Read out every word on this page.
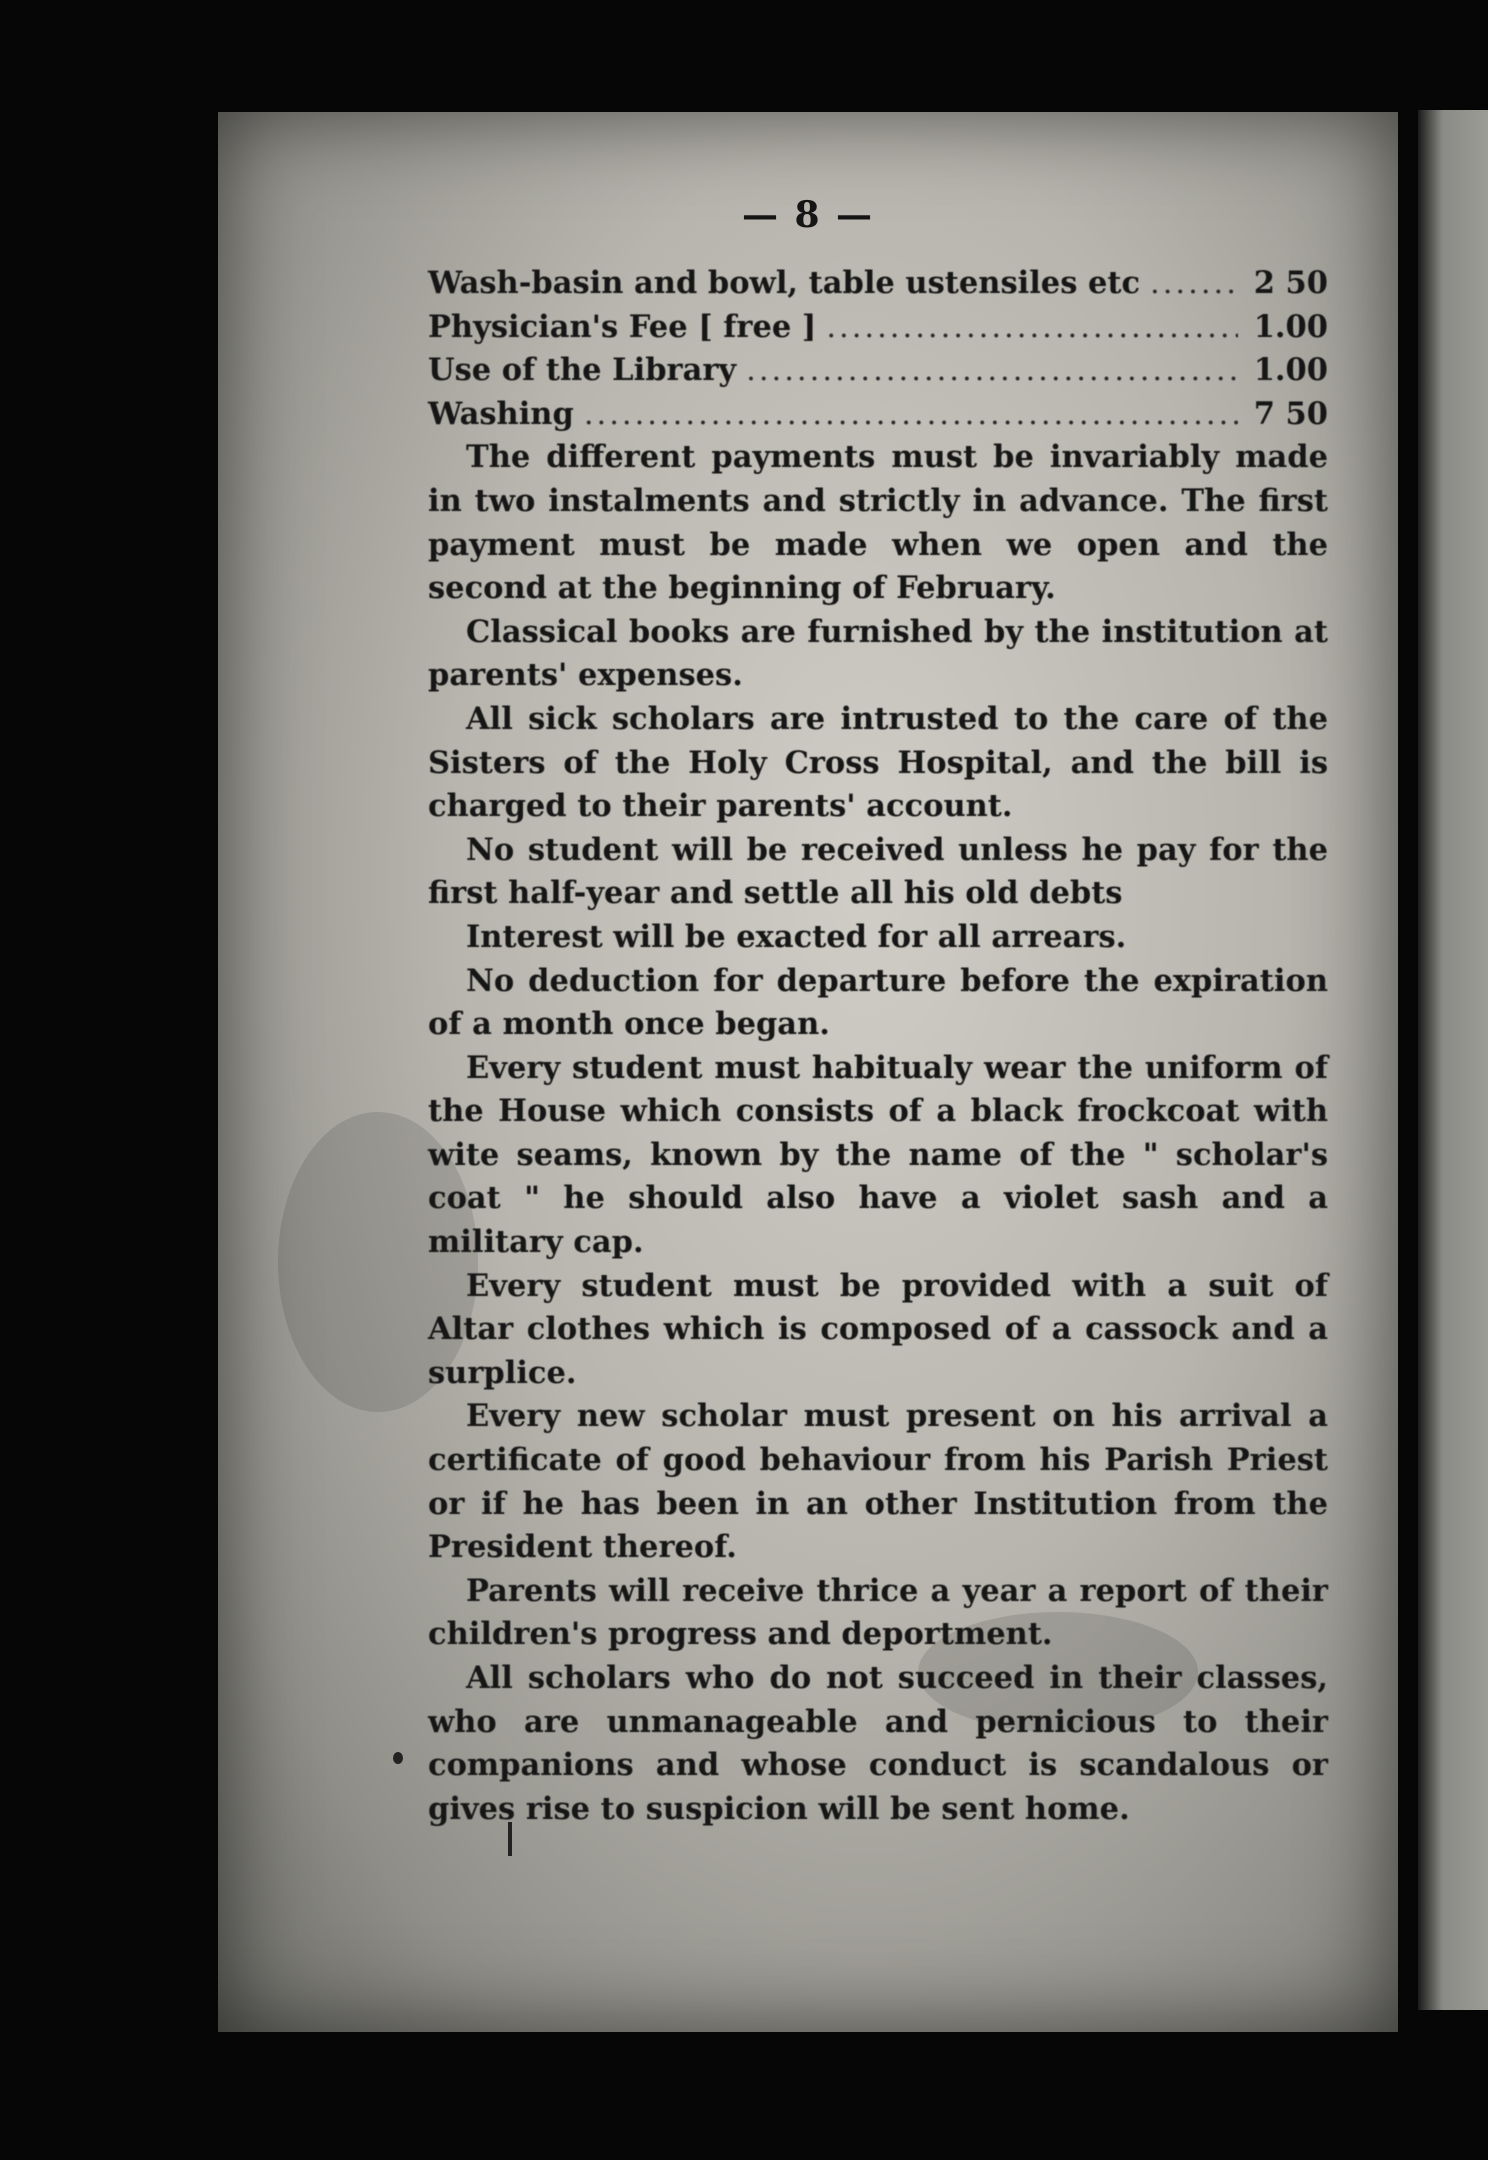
— 8 —
Wash-basin and bowl, table ustensiles etc .....	2 50
Physician's Fee [ free ] .....	1.00
Use of the Library .....	1.00
Washing .....	7 50

The different payments must be invariably made in two instalments and strictly in advance. The first payment must be made when we open and the second at the beginning of February.

Classical books are furnished by the institution at parents' expenses.

All sick scholars are intrusted to the care of the Sisters of the Holy Cross Hospital, and the bill is charged to their parents' account.

No student will be received unless he pay for the first half-year and settle all his old debts

Interest will be exacted for all arrears.

No deduction for departure before the expiration of a month once began.

Every student must habitualy wear the uniform of the House which consists of a black frockcoat with wite seams, known by the name of the " scholar's coat " he should also have a violet sash and a military cap.

Every student must be provided with a suit of Altar clothes which is composed of a cassock and a surplice.

Every new scholar must present on his arrival a certificate of good behaviour from his Parish Priest or if he has been in an other Institution from the President thereof.

Parents will receive thrice a year a report of their children's progress and deportment.

All scholars who do not succeed in their classes, who are unmanageable and pernicious to their companions and whose conduct is scandalous or gives rise to suspicion will be sent home.
